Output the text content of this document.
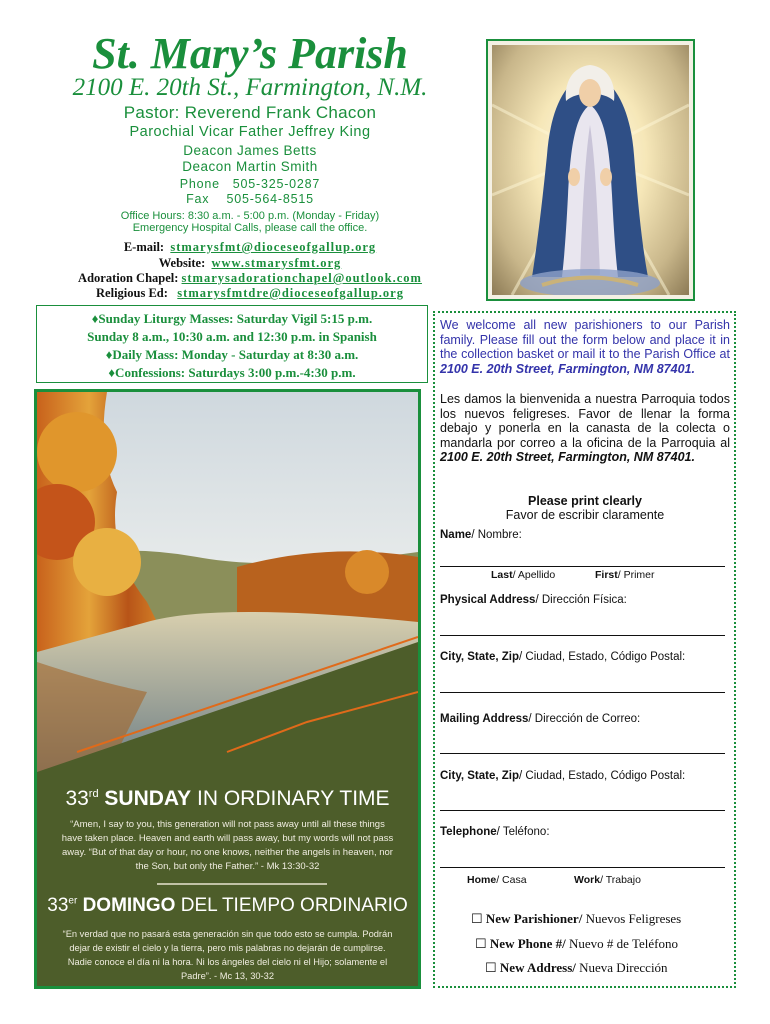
St. Mary’s Parish
2100 E. 20th St., Farmington, N.M.
Pastor: Reverend Frank Chacon
Parochial Vicar Father Jeffrey King
Deacon James Betts
Deacon Martin Smith
Phone   505-325-0287
Fax    505-564-8515
Office Hours: 8:30 a.m. - 5:00 p.m. (Monday - Friday)
Emergency Hospital Calls, please call the office.
E-mail: stmarysfmt@dioceseofgallup.org
Website: www.stmarysfmt.org
Adoration Chapel: stmarysadorationchapel@outlook.com
Religious Ed: stmarysfmtdre@dioceseofgallup.org
♦Sunday Liturgy Masses: Saturday Vigil 5:15 p.m.
Sunday 8 a.m., 10:30 a.m. and 12:30 p.m. in Spanish
♦Daily Mass: Monday - Saturday at 8:30 a.m.
♦Confessions: Saturdays 3:00 p.m.-4:30 p.m.
33rd SUNDAY IN ORDINARY TIME
“Amen, I say to you, this generation will not pass away until all these things have taken place. Heaven and earth will pass away, but my words will not pass away. “But of that day or hour, no one knows, neither the angels in heaven, nor the Son, but only the Father.” - Mk 13:30-32
33er DOMINGO DEL TIEMPO ORDINARIO
“En verdad que no pasará esta generación sin que todo esto se cumpla. Podrán dejar de existir el cielo y la tierra, pero mis palabras no dejarán de cumplirse. Nadie conoce el día ni la hora. Ni los ángeles del cielo ni el Hijo; solamente el Padre”. - Mc 13, 30-32
We welcome all new parishioners to our Parish family. Please fill out the form below and place it in the collection basket or mail it to the Parish Office at 2100 E. 20th Street, Farmington, NM 87401.
Les damos la bienvenida a nuestra Parroquia todos los nuevos feligreses. Favor de llenar la forma debajo y ponerla en la canasta de la colecta o mandarla por correo a la oficina de la Parroquia al 2100 E. 20th Street, Farmington, NM 87401.
Please print clearly
Favor de escribir claramente
Name/ Nombre:
Last/ Apellido	First/ Primer
Physical Address/ Dirección Física:
City, State, Zip/ Ciudad, Estado, Código Postal:
Mailing Address/ Dirección de Correo:
City, State, Zip/ Ciudad, Estado, Código Postal:
Telephone/ Teléfono:
Home/ Casa	Work/ Trabajo
☐ New Parishioner/ Nuevos Feligreses
☐ New Phone #/ Nuevo # de Teléfono
☐ New Address/ Nueva Dirección
